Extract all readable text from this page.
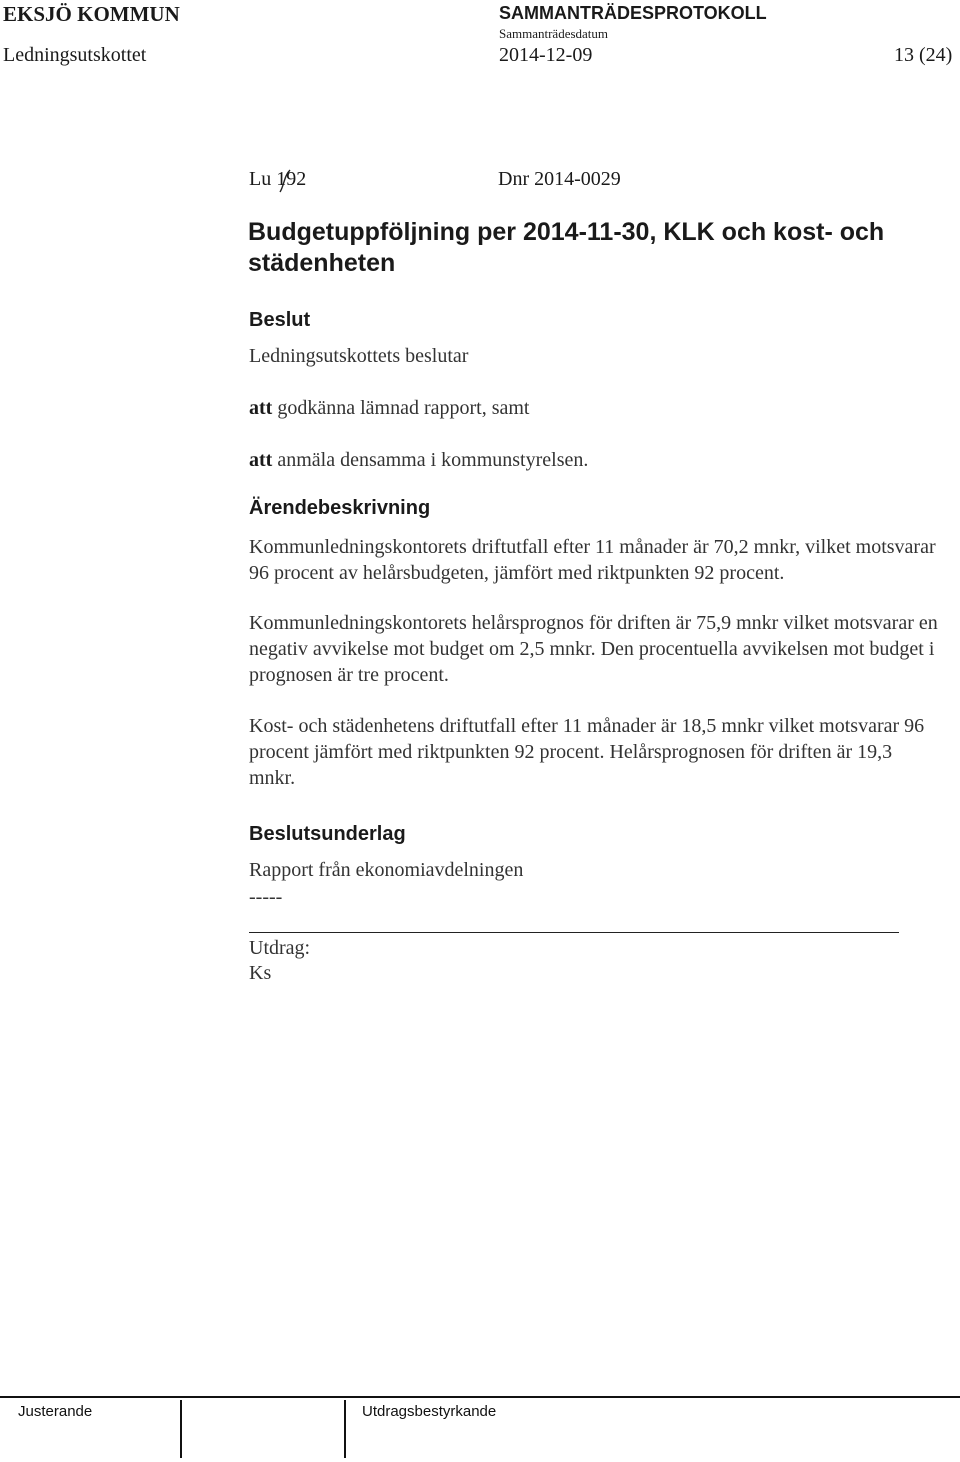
EKSJÖ KOMMUN	SAMMANTRÄDESPROTOKOLL
Sammanträdesdatum
Ledningsutskottet	2014-12-09	13 (24)
Lu 192	Dnr 2014-0029
Budgetuppföljning per 2014-11-30, KLK och kost- och städenheten
Beslut
Ledningsutskottets beslutar
att godkänna lämnad rapport, samt
att anmäla densamma i kommunstyrelsen.
Ärendebeskrivning
Kommunledningskontorets driftutfall efter 11 månader är 70,2 mnkr, vilket motsvarar 96 procent av helårsbudgeten, jämfört med riktpunkten 92 procent.
Kommunledningskontorets helårsprognos för driften är 75,9 mnkr vilket motsvarar en negativ avvikelse mot budget om 2,5 mnkr. Den procentuella avvikelsen mot budget i prognosen är tre procent.
Kost- och städenhetens driftutfall efter 11 månader är 18,5 mnkr vilket motsvarar 96 procent jämfört med riktpunkten 92 procent. Helårsprognosen för driften är 19,3 mnkr.
Beslutsunderlag
Rapport från ekonomiavdelningen
-----
Utdrag:
Ks
Justerande	Utdragsbestyrkande
